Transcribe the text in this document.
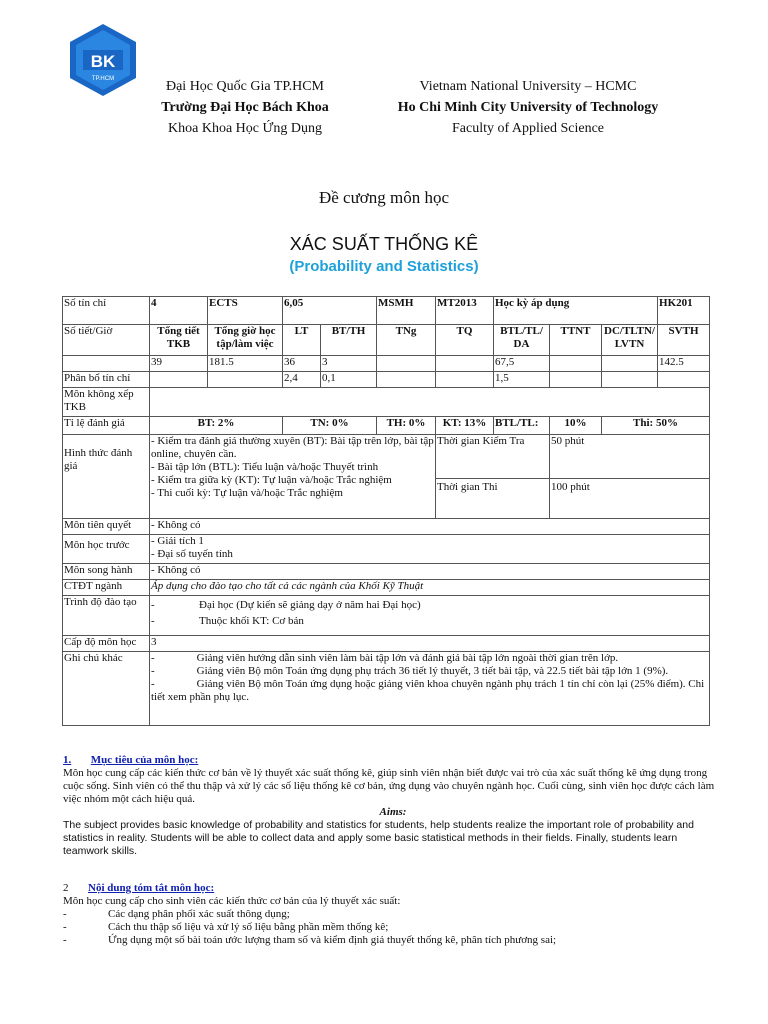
BK
TP.HCM	Đại Học Quốc Gia TP.HCM
Trường Đại Học Bách Khoa
Khoa Khoa Học Ứng Dụng
Vietnam National University – HCMC
Ho Chi Minh City University of Technology
Faculty of Applied Science
Đề cương môn học
XÁC SUẤT THỐNG KÊ
(Probability and Statistics)
Số tín chỉ	4	ECTS	6,05		MSMH	MT2013	Học kỳ áp dụng			HK201
Số tiết/Giờ	Tổng tiết TKB	Tổng giờ học tập/làm việc	LT	BT/TH	TNg	TQ	BTL/TL/ DA	TTNT	DC/TLTN/ LVTN	SVTH
	39	181.5	36	3			67,5			142.5
Phân bổ tín chỉ			2,4	0,1			1,5			
Môn không xếp TKB										
Tỉ lệ đánh giá	BT: 2%		TN: 0%		TH: 0%	KT: 13%	BTL/TL:	10%	Thi: 50%	
Hình thức đánh giá	- Kiểm tra đánh giá thường xuyên (BT): Bài tập trên lớp, bài tập online, chuyên cần.
- Bài tập lớn (BTL): Tiểu luận và/hoặc Thuyết trình
- Kiểm tra giữa kỳ (KT): Tự luận và/hoặc Trắc nghiệm
- Thi cuối kỳ: Tự luận và/hoặc Trắc nghiệm					Thời gian Kiểm Tra		50 phút		
						Thời gian Thi		100 phút		
Môn tiên quyết	- Không có									
Môn học trước	- Giải tích 1
- Đại số tuyến tính									

Môn song hành	- Không có									
CTĐT ngành	Áp dụng cho đào tạo cho tất cả các ngành của Khối Kỹ Thuật									
Trình độ đào tạo	- Đại học (Dự kiến sẽ giảng dạy ở năm hai Đại học)
- Thuộc khối KT: Cơ bản									

Cấp độ môn học	3									
Ghi chú khác	- Giảng viên hướng dẫn sinh viên làm bài tập lớn và đánh giá bài tập lớn ngoài thời gian trên lớp.
- Giảng viên Bộ môn Toán ứng dụng phụ trách 36 tiết lý thuyết, 3 tiết bài tập, và 22.5 tiết bài tập lớn 1 (9%).
- Giảng viên Bộ môn Toán ứng dụng hoặc giảng viên khoa chuyên ngành phụ trách 1 tín chỉ còn lại (25% điểm). Chi tiết xem phần phụ lục.									
1. Mục tiêu của môn học:
Môn học cung cấp các kiến thức cơ bản về lý thuyết xác suất thống kê, giúp sinh viên nhận biết được vai trò của xác suất thống kê ứng dụng trong cuộc sống. Sinh viên có thể thu thập và xử lý các số liệu thống kê cơ bản, ứng dụng vào chuyên ngành học. Cuối cùng, sinh viên học được cách làm việc nhóm một cách hiệu quả.
Aims:
The subject provides basic knowledge of probability and statistics for students, help students realize the important role of probability and statistics in reality. Students will be able to collect data and apply some basic statistical methods in their fields. Finally, students learn teamwork skills.
2 Nội dung tóm tắt môn học:
Môn học cung cấp cho sinh viên các kiến thức cơ bản của lý thuyết xác suất:
-	Các dạng phân phối xác suất thông dụng;
-	Cách thu thập số liệu và xử lý số liệu bằng phần mềm thống kê;
-	Ứng dụng một số bài toán ước lượng tham số và kiểm định giả thuyết thống kê, phân tích phương sai;
